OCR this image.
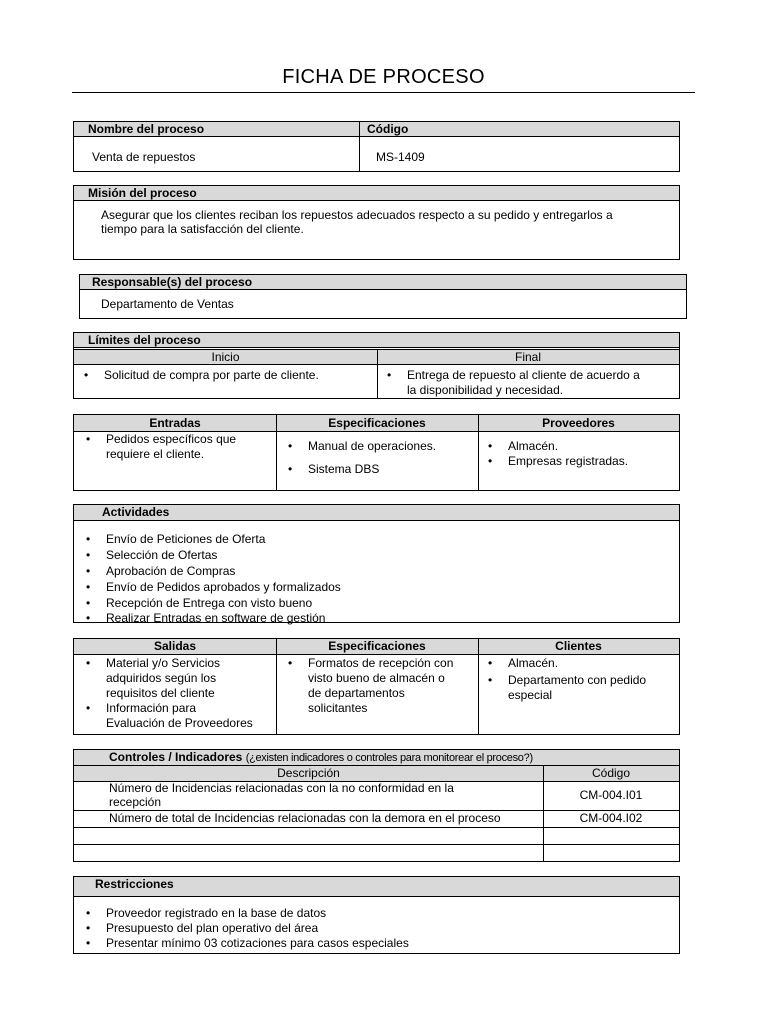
FICHA DE PROCESO
Nombre del proceso	Código
Venta de repuestos	MS-1409
Misión del proceso
Asegurar que los clientes reciban los repuestos adecuados respecto a su pedido y entregarlos a
tiempo para la satisfacción del cliente.
Responsable(s) del proceso
Departamento de Ventas
Límites del proceso
Inicio	Final
• Solicitud de compra por parte de cliente.
•	Entrega de repuesto al cliente de acuerdo a
la disponibilidad y necesidad.
Entradas	Especificaciones	Proveedores
• Pedidos específicos que
requiere el cliente.
• Manual de operaciones.
• Sistema DBS
• Almacén.
• Empresas registradas.
Actividades
• Envío de Peticiones de Oferta
• Selección de Ofertas
• Aprobación de Compras
• Envío de Pedidos aprobados y formalizados
• Recepción de Entrega con visto bueno
• Realizar Entradas en software de gestión
Salidas	Especificaciones	Clientes
• Material y/o Servicios
adquiridos según los
requisitos del cliente
• Información para
Evaluación de Proveedores
• Formatos de recepción con
visto bueno de almacén o
de departamentos
solicitantes
• Almacén.
• Departamento con pedido
especial
Controles / Indicadores (¿existen indicadores o controles para monitorear el proceso?)
Descripción	Código
Número de Incidencias relacionadas con la no conformidad en la
recepción	CM-004.I01
Número de total de Incidencias relacionadas con la demora en el proceso	CM-004.I02
Restricciones
• Proveedor registrado en la base de datos
• Presupuesto del plan operativo del área
• Presentar mínimo 03 cotizaciones para casos especiales
